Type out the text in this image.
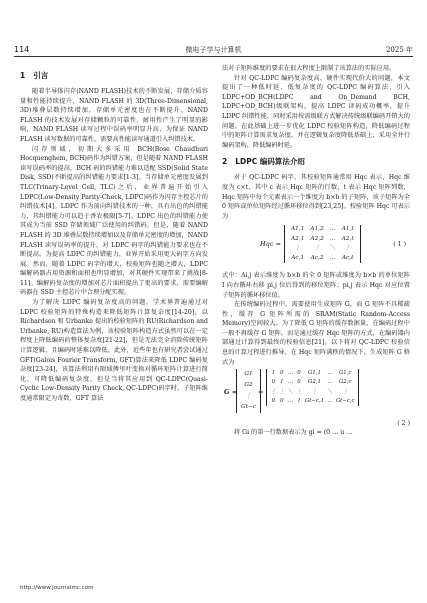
114	微电子学与计算机	2025 年
1 引言

随着半导体闪存(NAND FLASH)技术的不断发展，存储介质容量和性能持续提升，NAND FLASH 的 3D(Three-Dimensional, 3D)堆叠层数持续增加，存储单元密度也在不断提升。NAND FLASH 的技术发展对存储颗粒的可靠性、耐用性产生了明显的影响，NAND FLASH 读写过程中误码率明显升高，为保证 NAND FLASH 读写数据的可靠性，需要高性能读写通道引入纠错技术。

闪存领域，初期大多采用 BCH(Bose Chaudhuri Hocquenghem, BCH)码作为纠错方案，但是随着 NAND FLASH 读写误码率的提高，BCH 码的纠错能力难以适配 SSD(Solid State Disk, SSD)不断提高的纠错能力要求[1-3]。当存储单元密度发展到 TLC(Trinary-Level Cell, TLC)之后，业界普遍开始引入 LDPC(Low-Density Parity-Check, LDPC)码作为闪存主控芯片的纠错技术[4]。LDPC 作为前向纠错技术的一种，具有出色的纠错能力，其纠错能力可以趋于香农极限[5-7]。LDPC 出色的纠错能力使其成为当前 SSD 存储领域广泛使用的纠错码。但是，随着 NAND FLASH 的 3D 堆叠层数持续增加以及存储单元密度的增加，NAND FLASH 读写误码率的提升，对 LDPC 码字的纠错能力要求也在不断提高。为提高 LDPC 的纠错能力，业界开始采用更大码字方向发展。然而，随着 LDPC 码字的增大，校验矩阵也随之增大，LDPC 编解码器占用资源和面积也明显增加，对其硬件实现带来了挑战[8-11]。编解码复杂度的增加对芯片面积提出了更高的要求，需要编解码器在 SSD 主控芯片中合理分配实现。

为了解决 LDPC 编码复杂度高的问题，学术界普遍通过对 LDPC 校验矩阵的特殊构造来降低矩阵计算复杂度[14-20]，以 Richardson 和 Urbanke 提出的校验矩阵的 RU(Richardson and Urbanke, RU)构造算法为例，该校验矩阵构造方式虽然可以在一定程度上降低编码的整体复杂度[21-22]，但是无法完全消除传统矩阵计算逻辑，且编码时延难以降低。此外，近些年也有研究者尝试通过 GFT(Galois Fourier Transform, GFT)算法来降低 LDPC 编码复杂度[23-24]，该算法利用有限域傅里叶变换对循环矩阵计算进行简化，可降低编码复杂度，但是当将其应用到 QC-LDPC(Quasi-Cyclic Low-Density Parity Check, QC-LDPC)码字时，子矩阵维度通常限定为奇数，GFT 算法

法对子矩阵维度的要求在很大程度上限制了该算法的实际应用。

针对 QC-LDPC 编码复杂度高、硬件实现代价大的问题，本文提出了一种低时延、低复杂度的 QC-LDPC 编码算法，引入 LDPC+OD_BCH(LDPC and On_Demand BCH, LDPC+OD_BCH)级联架构，提高 LDPC 译码成功概率，提升 LDPC 纠错性能，同时采用按需级联方式解决传统级联编码开销大的问题。在此基础上进一步优化 LDPC 校验矩阵构造，降低编码过程中的矩阵计算需求复杂度，并在逻辑复杂度降低基础上，采用全并行编码架构，降低编码时延。

2 LDPC 编码算法介绍

对于 QC-LDPC 码字，其校验矩阵通常用 Hqc 表示，Hqc 维度为 c×t，其中 c 表示 Hqc 矩阵的行数，t 表示 Hqc 矩阵列数，Hqc 矩阵中每个元素表示一个维度为 b×b 的子矩阵，该子矩阵为全 0 矩阵或单位矩阵经过循环移位得到[23,25]。校验矩阵 Hqc 可表示为

Hqc =
A1,1	A1,2	…	A1,t
A2,1	A2,2	…	A2,t
⋮	⋮	⋱	⋮
Ac,1	Ac,2	…	Ac,t
( 1 )

式中：Ai,j 表示维度为 b×b 的全 0 矩阵或维度为 b×b 的单位矩阵 I 向右循环右移 pi,j 位后得到的移位矩阵；pi,j 表示 Hqc 对应位置子矩阵的循环移位值。

在传统编码过程中，需要使用生成矩阵 G，而 G 矩阵不具稀疏性，缓存 G 矩阵所需的 SRAM(Static Random-Access Memory)空间较大。为了降低 G 矩阵的缓存数据量，在编码过程中一般不再缓存 G 矩阵，而是通过缓存 Hqc 矩阵的方式，在编码器内部通过计算得到最终的校验信息[21]。以下将对 QC-LDPC 校验信息的计算过程进行推导。在 Hqc 矩阵满秩的情况下，生成矩阵 G 格式为

G =
G1
G2
⋮
Gt−c
=
I	0	…	0	G1,1	…	G1,c
0	I	…	0	G2,1	…	G2,c
⋮	⋮	⋱	⋮	⋮	⋱	⋮
0	0	…	I	Gt−c,1	…	Gt−c,c
( 2 )

将 Gi 的第一行数据表示为 gi = (0 … u …

http://www.journalmc.com
